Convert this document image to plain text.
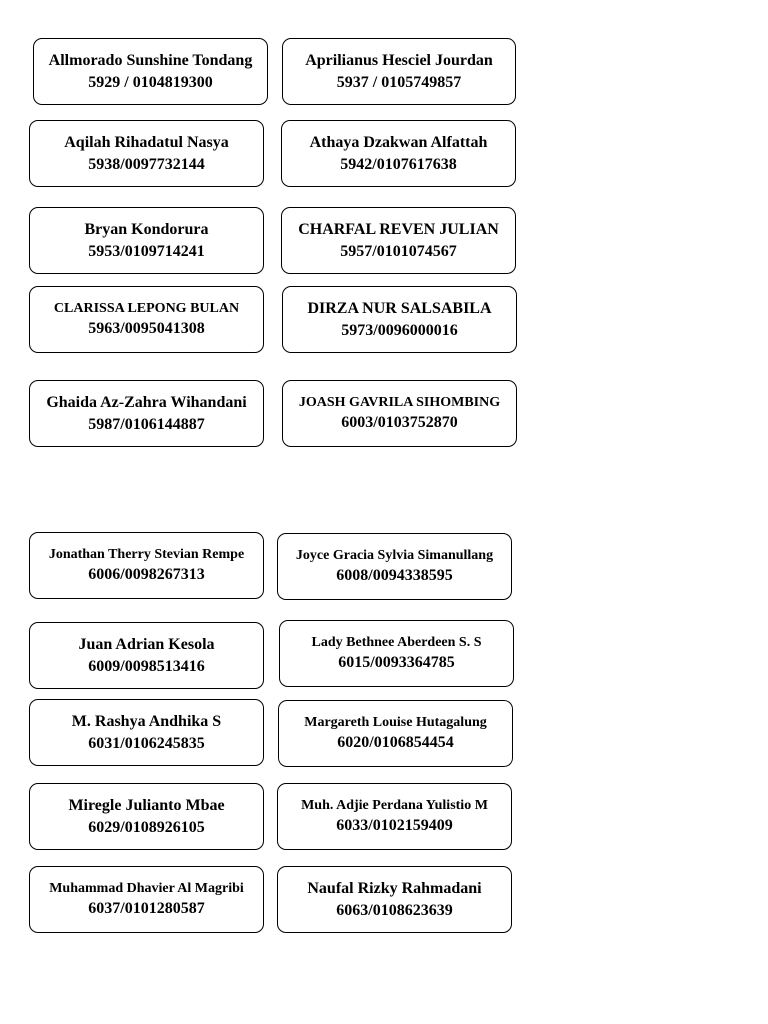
Allmorado Sunshine Tondang
5929 / 0104819300
Aprilianus Hesciel Jourdan
5937 / 0105749857
Aqilah Rihadatul Nasya
5938/0097732144
Athaya Dzakwan Alfattah
5942/0107617638
Bryan Kondorura
5953/0109714241
CHARFAL REVEN JULIAN
5957/0101074567
CLARISSA LEPONG BULAN
5963/0095041308
DIRZA NUR SALSABILA
5973/0096000016
Ghaida Az-Zahra Wihandani
5987/0106144887
JOASH GAVRILA SIHOMBING
6003/0103752870
Jonathan Therry Stevian Rempe
6006/0098267313
Joyce Gracia Sylvia Simanullang
6008/0094338595
Juan Adrian Kesola
6009/0098513416
Lady Bethnee Aberdeen S. S
6015/0093364785
M. Rashya Andhika S
6031/0106245835
Margareth Louise Hutagalung
6020/0106854454
Miregle Julianto Mbae
6029/0108926105
Muh. Adjie Perdana Yulistio M
6033/0102159409
Muhammad Dhavier Al Magribi
6037/0101280587
Naufal Rizky Rahmadani
6063/0108623639
